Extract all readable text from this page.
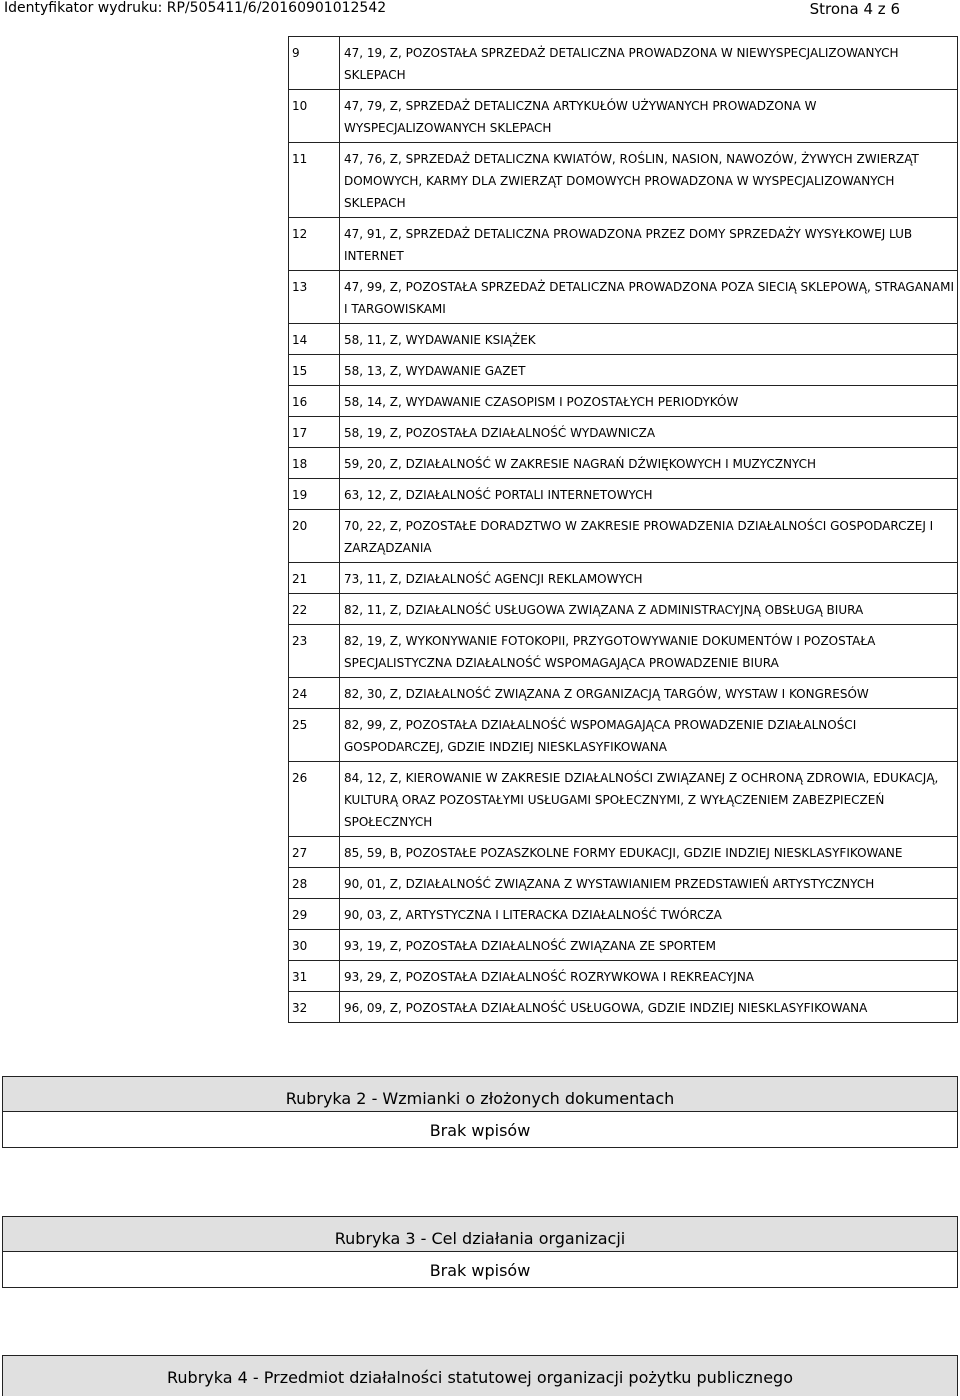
Identyfikator wydruku: RP/505411/6/20160901012542	Strona 4 z 6
9	47, 19, Z, POZOSTAŁA SPRZEDAŻ DETALICZNA PROWADZONA W NIEWYSPECJALIZOWANYCH SKLEPACH
10	47, 79, Z, SPRZEDAŻ DETALICZNA ARTYKUŁÓW UŻYWANYCH PROWADZONA W WYSPECJALIZOWANYCH SKLEPACH
11	47, 76, Z, SPRZEDAŻ DETALICZNA KWIATÓW, ROŚLIN, NASION, NAWOZÓW, ŻYWYCH ZWIERZĄT DOMOWYCH, KARMY DLA ZWIERZĄT DOMOWYCH PROWADZONA W WYSPECJALIZOWANYCH SKLEPACH
12	47, 91, Z, SPRZEDAŻ DETALICZNA PROWADZONA PRZEZ DOMY SPRZEDAŻY WYSYŁKOWEJ LUB INTERNET
13	47, 99, Z, POZOSTAŁA SPRZEDAŻ DETALICZNA PROWADZONA POZA SIECIĄ SKLEPOWĄ, STRAGANAMI I TARGOWISKAMI
14	58, 11, Z, WYDAWANIE KSIĄŻEK
15	58, 13, Z, WYDAWANIE GAZET
16	58, 14, Z, WYDAWANIE CZASOPISM I POZOSTAŁYCH PERIODYKÓW
17	58, 19, Z, POZOSTAŁA DZIAŁALNOŚĆ WYDAWNICZA
18	59, 20, Z, DZIAŁALNOŚĆ W ZAKRESIE NAGRAŃ DŹWIĘKOWYCH I MUZYCZNYCH
19	63, 12, Z, DZIAŁALNOŚĆ PORTALI INTERNETOWYCH
20	70, 22, Z, POZOSTAŁE DORADZTWO W ZAKRESIE PROWADZENIA DZIAŁALNOŚCI GOSPODARCZEJ I ZARZĄDZANIA
21	73, 11, Z, DZIAŁALNOŚĆ AGENCJI REKLAMOWYCH
22	82, 11, Z, DZIAŁALNOŚĆ USŁUGOWA ZWIĄZANA Z ADMINISTRACYJNĄ OBSŁUGĄ BIURA
23	82, 19, Z, WYKONYWANIE FOTOKOPII, PRZYGOTOWYWANIE DOKUMENTÓW I POZOSTAŁA SPECJALISTYCZNA DZIAŁALNOŚĆ WSPOMAGAJĄCA PROWADZENIE BIURA
24	82, 30, Z, DZIAŁALNOŚĆ ZWIĄZANA Z ORGANIZACJĄ TARGÓW, WYSTAW I KONGRESÓW
25	82, 99, Z, POZOSTAŁA DZIAŁALNOŚĆ WSPOMAGAJĄCA PROWADZENIE DZIAŁALNOŚCI GOSPODARCZEJ, GDZIE INDZIEJ NIESKLASYFIKOWANA
26	84, 12, Z, KIEROWANIE W ZAKRESIE DZIAŁALNOŚCI ZWIĄZANEJ Z OCHRONĄ ZDROWIA, EDUKACJĄ, KULTURĄ ORAZ POZOSTAŁYMI USŁUGAMI SPOŁECZNYMI, Z WYŁĄCZENIEM ZABEZPIECZEŃ SPOŁECZNYCH
27	85, 59, B, POZOSTAŁE POZASZKOLNE FORMY EDUKACJI, GDZIE INDZIEJ NIESKLASYFIKOWANE
28	90, 01, Z, DZIAŁALNOŚĆ ZWIĄZANA Z WYSTAWIANIEM PRZEDSTAWIEŃ ARTYSTYCZNYCH
29	90, 03, Z, ARTYSTYCZNA I LITERACKA DZIAŁALNOŚĆ TWÓRCZA
30	93, 19, Z, POZOSTAŁA DZIAŁALNOŚĆ ZWIĄZANA ZE SPORTEM
31	93, 29, Z, POZOSTAŁA DZIAŁALNOŚĆ ROZRYWKOWA I REKREACYJNA
32	96, 09, Z, POZOSTAŁA DZIAŁALNOŚĆ USŁUGOWA, GDZIE INDZIEJ NIESKLASYFIKOWANA
Rubryka 2 - Wzmianki o złożonych dokumentach
Brak wpisów
Rubryka 3 - Cel działania organizacji
Brak wpisów
Rubryka 4 - Przedmiot działalności statutowej organizacji pożytku publicznego
